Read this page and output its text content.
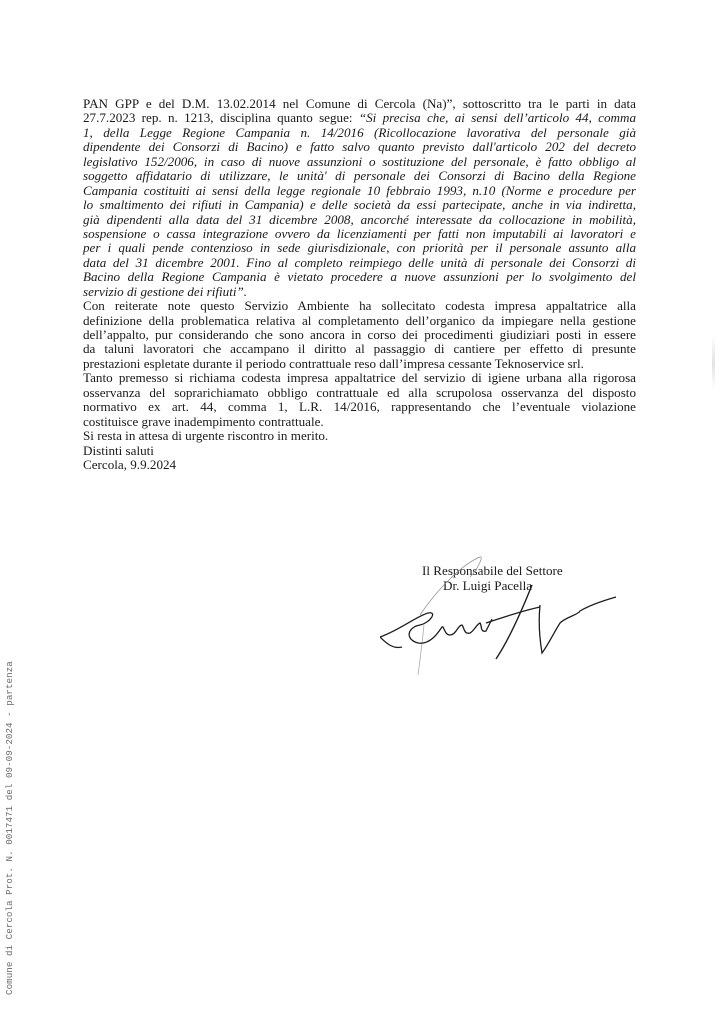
Comune di Cercola Prot. N. 0017471 del 09-09-2024 - partenza
PAN GPP e del D.M. 13.02.2014 nel Comune di Cercola (Na)”, sottoscritto tra le parti in data
27.7.2023 rep. n. 1213, disciplina quanto segue: “Si precisa che, ai sensi dell’articolo 44, comma
1, della Legge Regione Campania n. 14/2016 (Ricollocazione lavorativa del personale già
dipendente dei Consorzi di Bacino) e fatto salvo quanto previsto dall'articolo 202 del decreto
legislativo 152/2006, in caso di nuove assunzioni o sostituzione del personale, è fatto obbligo al
soggetto affidatario di utilizzare, le unità' di personale dei Consorzi di Bacino della Regione
Campania costituiti ai sensi della legge regionale 10 febbraio 1993, n.10 (Norme e procedure per
lo smaltimento dei rifiuti in Campania) e delle società da essi partecipate, anche in via indiretta,
già dipendenti alla data del 31 dicembre 2008, ancorché interessate da collocazione in mobilità,
sospensione o cassa integrazione ovvero da licenziamenti per fatti non imputabili ai lavoratori e
per i quali pende contenzioso in sede giurisdizionale, con priorità per il personale assunto alla
data del 31 dicembre 2001. Fino al completo reimpiego delle unità di personale dei Consorzi di
Bacino della Regione Campania è vietato procedere a nuove assunzioni per lo svolgimento del
servizio di gestione dei rifiuti”.
Con reiterate note questo Servizio Ambiente ha sollecitato codesta impresa appaltatrice alla
definizione della problematica relativa al completamento dell’organico da impiegare nella gestione
dell’appalto, pur considerando che sono ancora in corso dei procedimenti giudiziari posti in essere
da taluni lavoratori che accampano il diritto al passaggio di cantiere per effetto di presunte
prestazioni espletate durante il periodo contrattuale reso dall’impresa cessante Teknoservice srl.
Tanto premesso si richiama codesta impresa appaltatrice del servizio di igiene urbana alla rigorosa
osservanza del soprarichiamato obbligo contrattuale ed alla scrupolosa osservanza del disposto
normativo ex art. 44, comma 1, L.R. 14/2016, rappresentando che l’eventuale violazione
costituisce grave inadempimento contrattuale.
Si resta in attesa di urgente riscontro in merito.
Distinti saluti
Cercola, 9.9.2024
Il Responsabile del Settore
Dr. Luigi Pacella
